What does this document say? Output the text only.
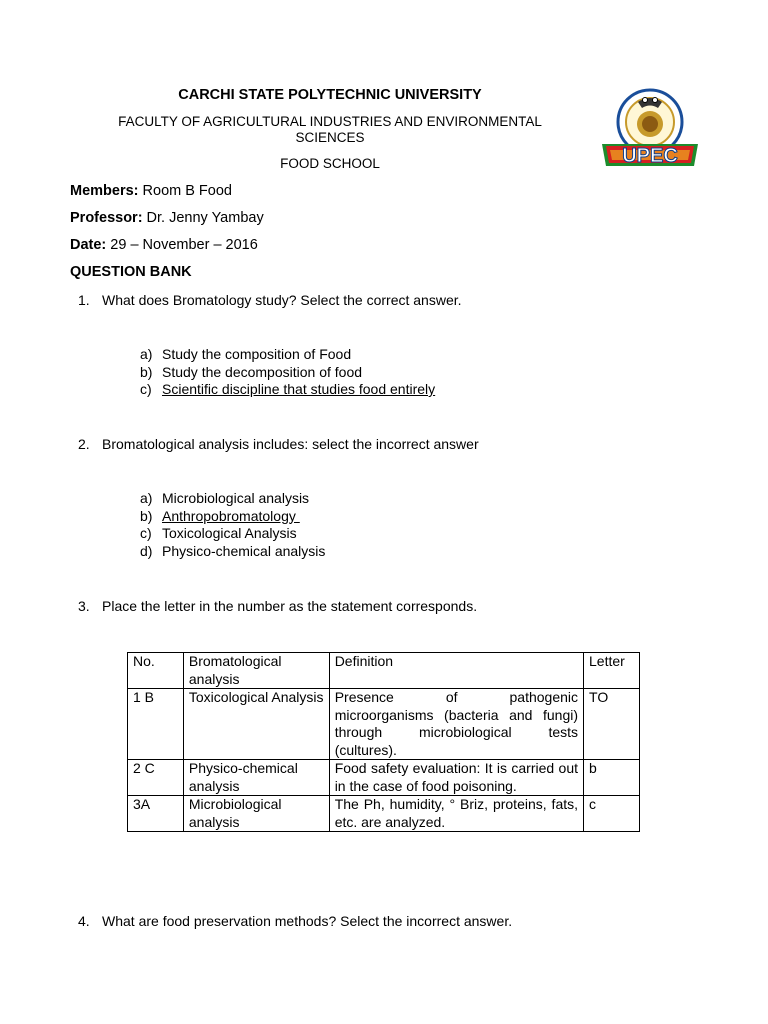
CARCHI STATE POLYTECHNIC UNIVERSITY
FACULTY OF AGRICULTURAL INDUSTRIES AND ENVIRONMENTAL
SCIENCES
FOOD SCHOOL	UPEC
Members: Room B Food
Professor: Dr. Jenny Yambay
Date: 29 – November – 2016
QUESTION BANK
1. What does Bromatology study? Select the correct answer.
a) Study the composition of Food
b) Study the decomposition of food
c) Scientific discipline that studies food entirely
2. Bromatological analysis includes: select the incorrect answer
a) Microbiological analysis
b) Anthropobromatology
c) Toxicological Analysis
d) Physico-chemical analysis
3. Place the letter in the number as the statement corresponds.
No.	Bromatological analysis	Definition	Letter
1 B	Toxicological Analysis	Presence of pathogenic microorganisms (bacteria and fungi) through microbiological tests (cultures).	TO
2 C	Physico-chemical analysis	Food safety evaluation: It is carried out in the case of food poisoning.	b
3A	Microbiological analysis	The Ph, humidity, ° Briz, proteins, fats, etc. are analyzed.	c
4. What are food preservation methods? Select the incorrect answer.
